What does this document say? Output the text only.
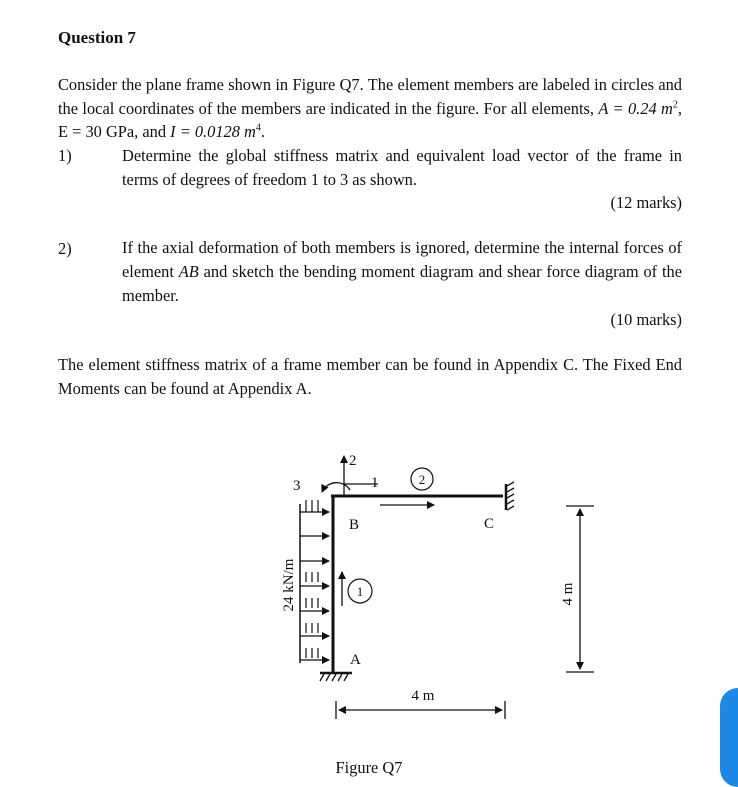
Question 7
Consider the plane frame shown in Figure Q7. The element members are labeled in circles and the local coordinates of the members are indicated in the figure. For all elements, A = 0.24 $m^2$, E = 30 GPa, and I = 0.0128 $m^4$.
1)	Determine the global stiffness matrix and equivalent load vector of the frame in terms of degrees of freedom 1 to 3 as shown.
(12 marks)
2)	If the axial deformation of both members is ignored, determine the internal forces of element AB and sketch the bending moment diagram and shear force diagram of the member.
(10 marks)
The element stiffness matrix of a frame member can be found in Appendix C. The Fixed End Moments can be found at Appendix A.
24 kN/m
2
1
3
B	C
A
2
1
4 m
4 m
Figure Q7
